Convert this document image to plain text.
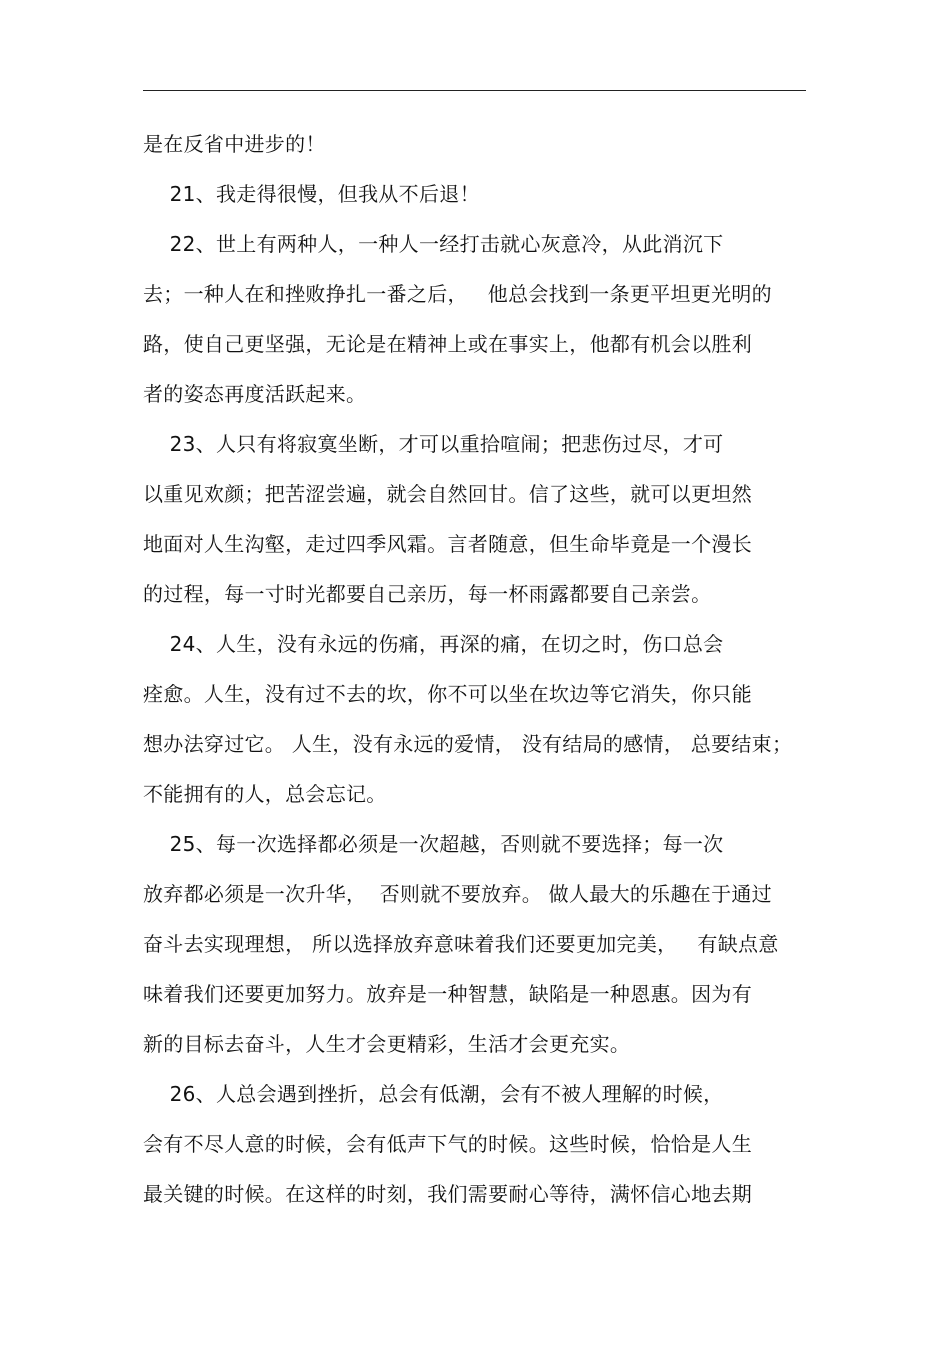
是在反省中进步的！
21、我走得很慢，但我从不后退！
22、世上有两种人，一种人一经打击就心灰意冷，从此消沉下
去；一种人在和挫败挣扎一番之后，   他总会找到一条更平坦更光明的
路，使自己更坚强，无论是在精神上或在事实上，他都有机会以胜利
者的姿态再度活跃起来。
23、人只有将寂寞坐断，才可以重拾喧闹；把悲伤过尽，才可
以重见欢颜；把苦涩尝遍，就会自然回甘。信了这些，就可以更坦然
地面对人生沟壑，走过四季风霜。言者随意，但生命毕竟是一个漫长
的过程，每一寸时光都要自己亲历，每一杯雨露都要自己亲尝。
24、人生，没有永远的伤痛，再深的痛，在切之时，伤口总会
痊愈。人生，没有过不去的坎，你不可以坐在坎边等它消失，你只能
想办法穿过它。 人生，没有永远的爱情， 没有结局的感情， 总要结束；
不能拥有的人，总会忘记。
25、每一次选择都必须是一次超越，否则就不要选择；每一次
放弃都必须是一次升华，  否则就不要放弃。 做人最大的乐趣在于通过
奋斗去实现理想， 所以选择放弃意味着我们还要更加完美，   有缺点意
味着我们还要更加努力。放弃是一种智慧，缺陷是一种恩惠。因为有
新的目标去奋斗，人生才会更精彩，生活才会更充实。
26、人总会遇到挫折，总会有低潮，会有不被人理解的时候，
会有不尽人意的时候，会有低声下气的时候。这些时候，恰恰是人生
最关键的时候。在这样的时刻，我们需要耐心等待，满怀信心地去期
